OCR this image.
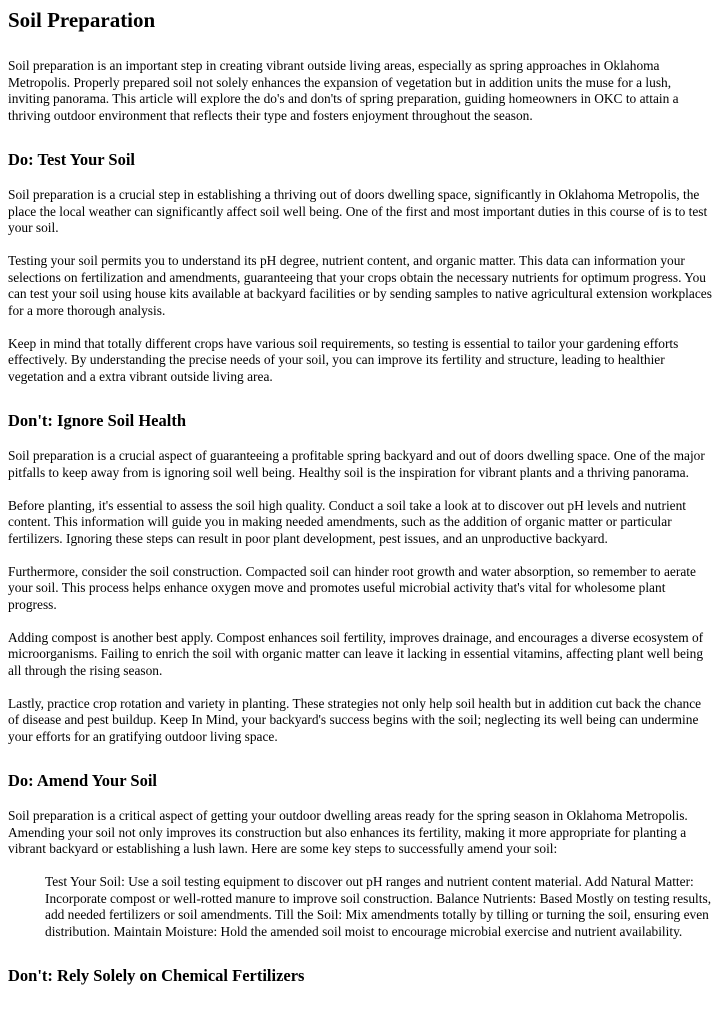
Soil Preparation

Soil preparation is an important step in creating vibrant outside living areas, especially as spring approaches in Oklahoma Metropolis. Properly prepared soil not solely enhances the expansion of vegetation but in addition units the muse for a lush, inviting panorama. This article will explore the do's and don'ts of spring preparation, guiding homeowners in OKC to attain a thriving outdoor environment that reflects their type and fosters enjoyment throughout the season.

Do: Test Your Soil

Soil preparation is a crucial step in establishing a thriving out of doors dwelling space, significantly in Oklahoma Metropolis, the place the local weather can significantly affect soil well being. One of the first and most important duties in this course of is to test your soil.

Testing your soil permits you to understand its pH degree, nutrient content, and organic matter. This data can information your selections on fertilization and amendments, guaranteeing that your crops obtain the necessary nutrients for optimum progress. You can test your soil using house kits available at backyard facilities or by sending samples to native agricultural extension workplaces for a more thorough analysis.

Keep in mind that totally different crops have various soil requirements, so testing is essential to tailor your gardening efforts effectively. By understanding the precise needs of your soil, you can improve its fertility and structure, leading to healthier vegetation and a extra vibrant outside living area.

Don't: Ignore Soil Health

Soil preparation is a crucial aspect of guaranteeing a profitable spring backyard and out of doors dwelling space. One of the major pitfalls to keep away from is ignoring soil well being. Healthy soil is the inspiration for vibrant plants and a thriving panorama.

Before planting, it's essential to assess the soil high quality. Conduct a soil take a look at to discover out pH levels and nutrient content. This information will guide you in making needed amendments, such as the addition of organic matter or particular fertilizers. Ignoring these steps can result in poor plant development, pest issues, and an unproductive backyard.

Furthermore, consider the soil construction. Compacted soil can hinder root growth and water absorption, so remember to aerate your soil. This process helps enhance oxygen move and promotes useful microbial activity that's vital for wholesome plant progress.

Adding compost is another best apply. Compost enhances soil fertility, improves drainage, and encourages a diverse ecosystem of microorganisms. Failing to enrich the soil with organic matter can leave it lacking in essential vitamins, affecting plant well being all through the rising season.

Lastly, practice crop rotation and variety in planting. These strategies not only help soil health but in addition cut back the chance of disease and pest buildup. Keep In Mind, your backyard's success begins with the soil; neglecting its well being can undermine your efforts for an gratifying outdoor living space.

Do: Amend Your Soil

Soil preparation is a critical aspect of getting your outdoor dwelling areas ready for the spring season in Oklahoma Metropolis. Amending your soil not only improves its construction but also enhances its fertility, making it more appropriate for planting a vibrant backyard or establishing a lush lawn. Here are some key steps to successfully amend your soil:

Test Your Soil: Use a soil testing equipment to discover out pH ranges and nutrient content material. Add Natural Matter: Incorporate compost or well-rotted manure to improve soil construction. Balance Nutrients: Based Mostly on testing results, add needed fertilizers or soil amendments. Till the Soil: Mix amendments totally by tilling or turning the soil, ensuring even distribution. Maintain Moisture: Hold the amended soil moist to encourage microbial exercise and nutrient availability.
Don't: Rely Solely on Chemical Fertilizers
